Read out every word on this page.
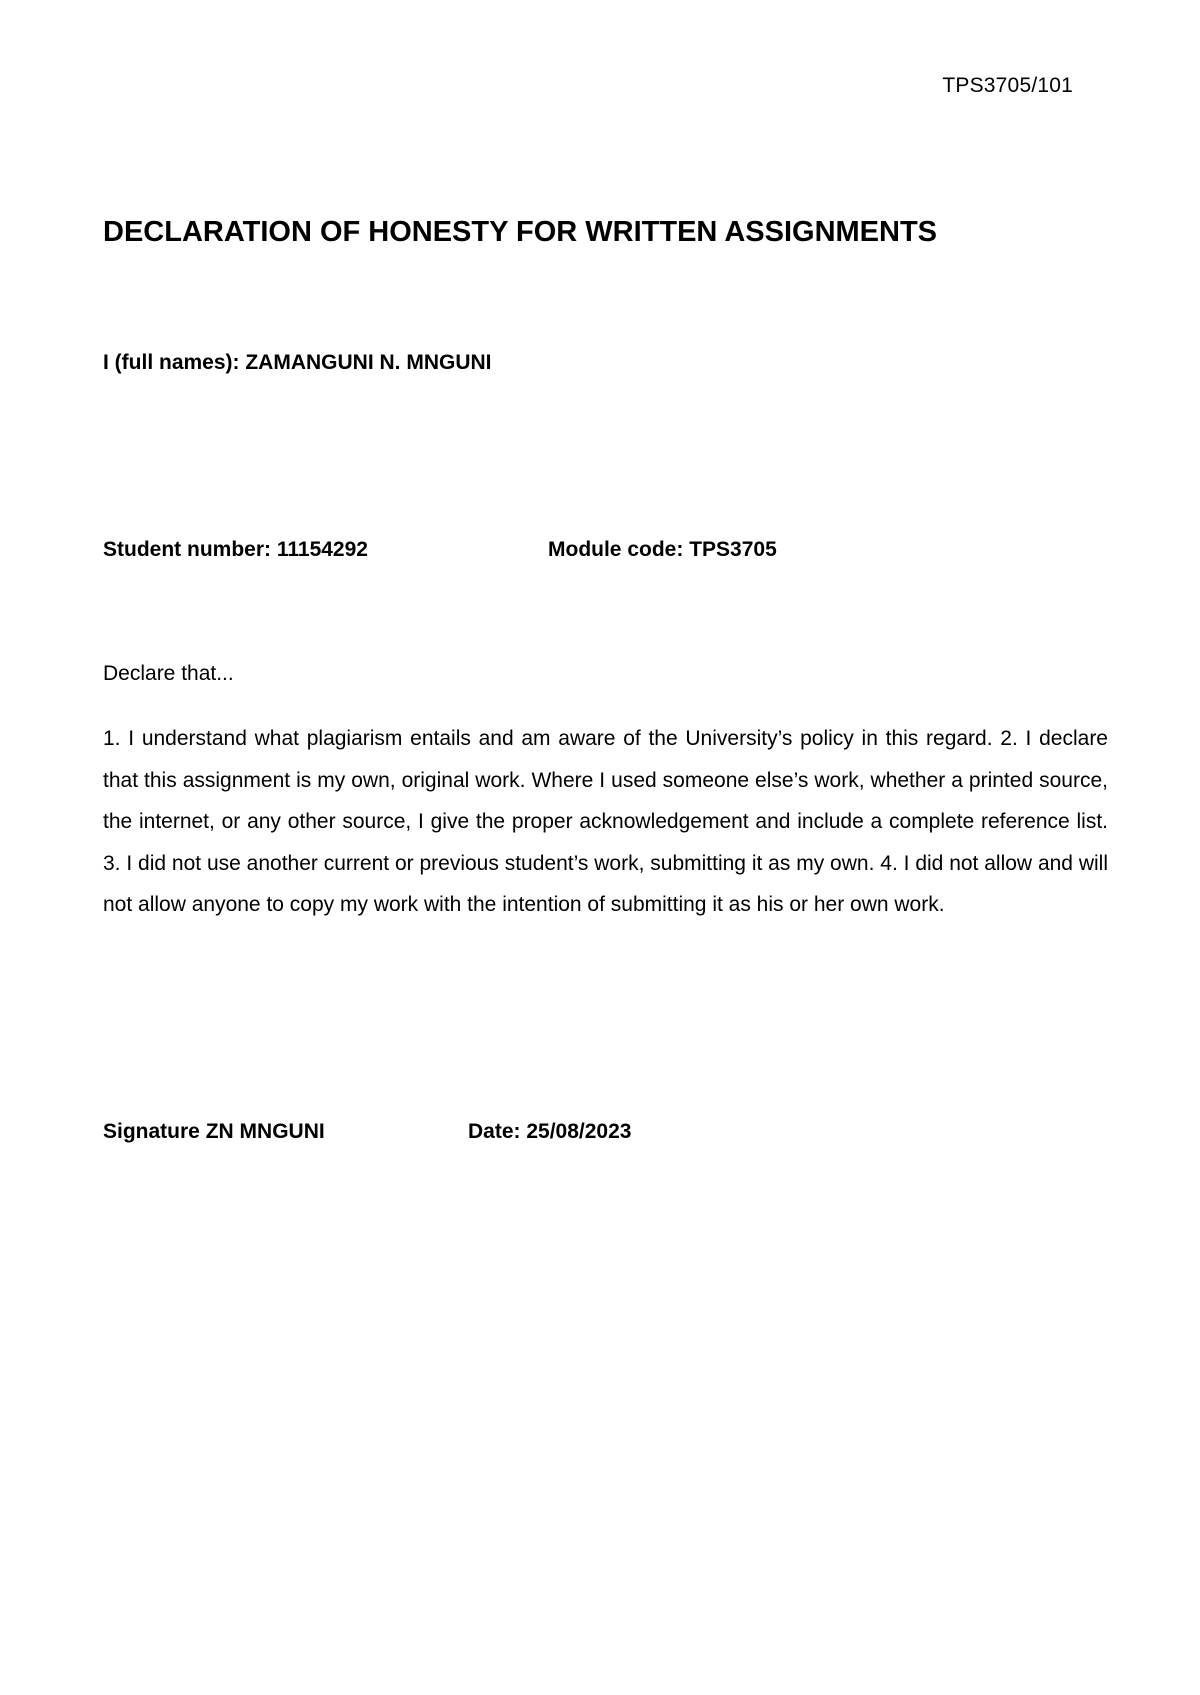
TPS3705/101
DECLARATION OF HONESTY FOR WRITTEN ASSIGNMENTS
I (full names): ZAMANGUNI N. MNGUNI
Student number: 11154292	Module code: TPS3705
Declare that...
1. I understand what plagiarism entails and am aware of the University’s policy in this regard. 2. I declare that this assignment is my own, original work. Where I used someone else’s work, whether a printed source, the internet, or any other source, I give the proper acknowledgement and include a complete reference list. 3. I did not use another current or previous student’s work, submitting it as my own. 4. I did not allow and will not allow anyone to copy my work with the intention of submitting it as his or her own work.
Signature ZN MNGUNI	Date: 25/08/2023
